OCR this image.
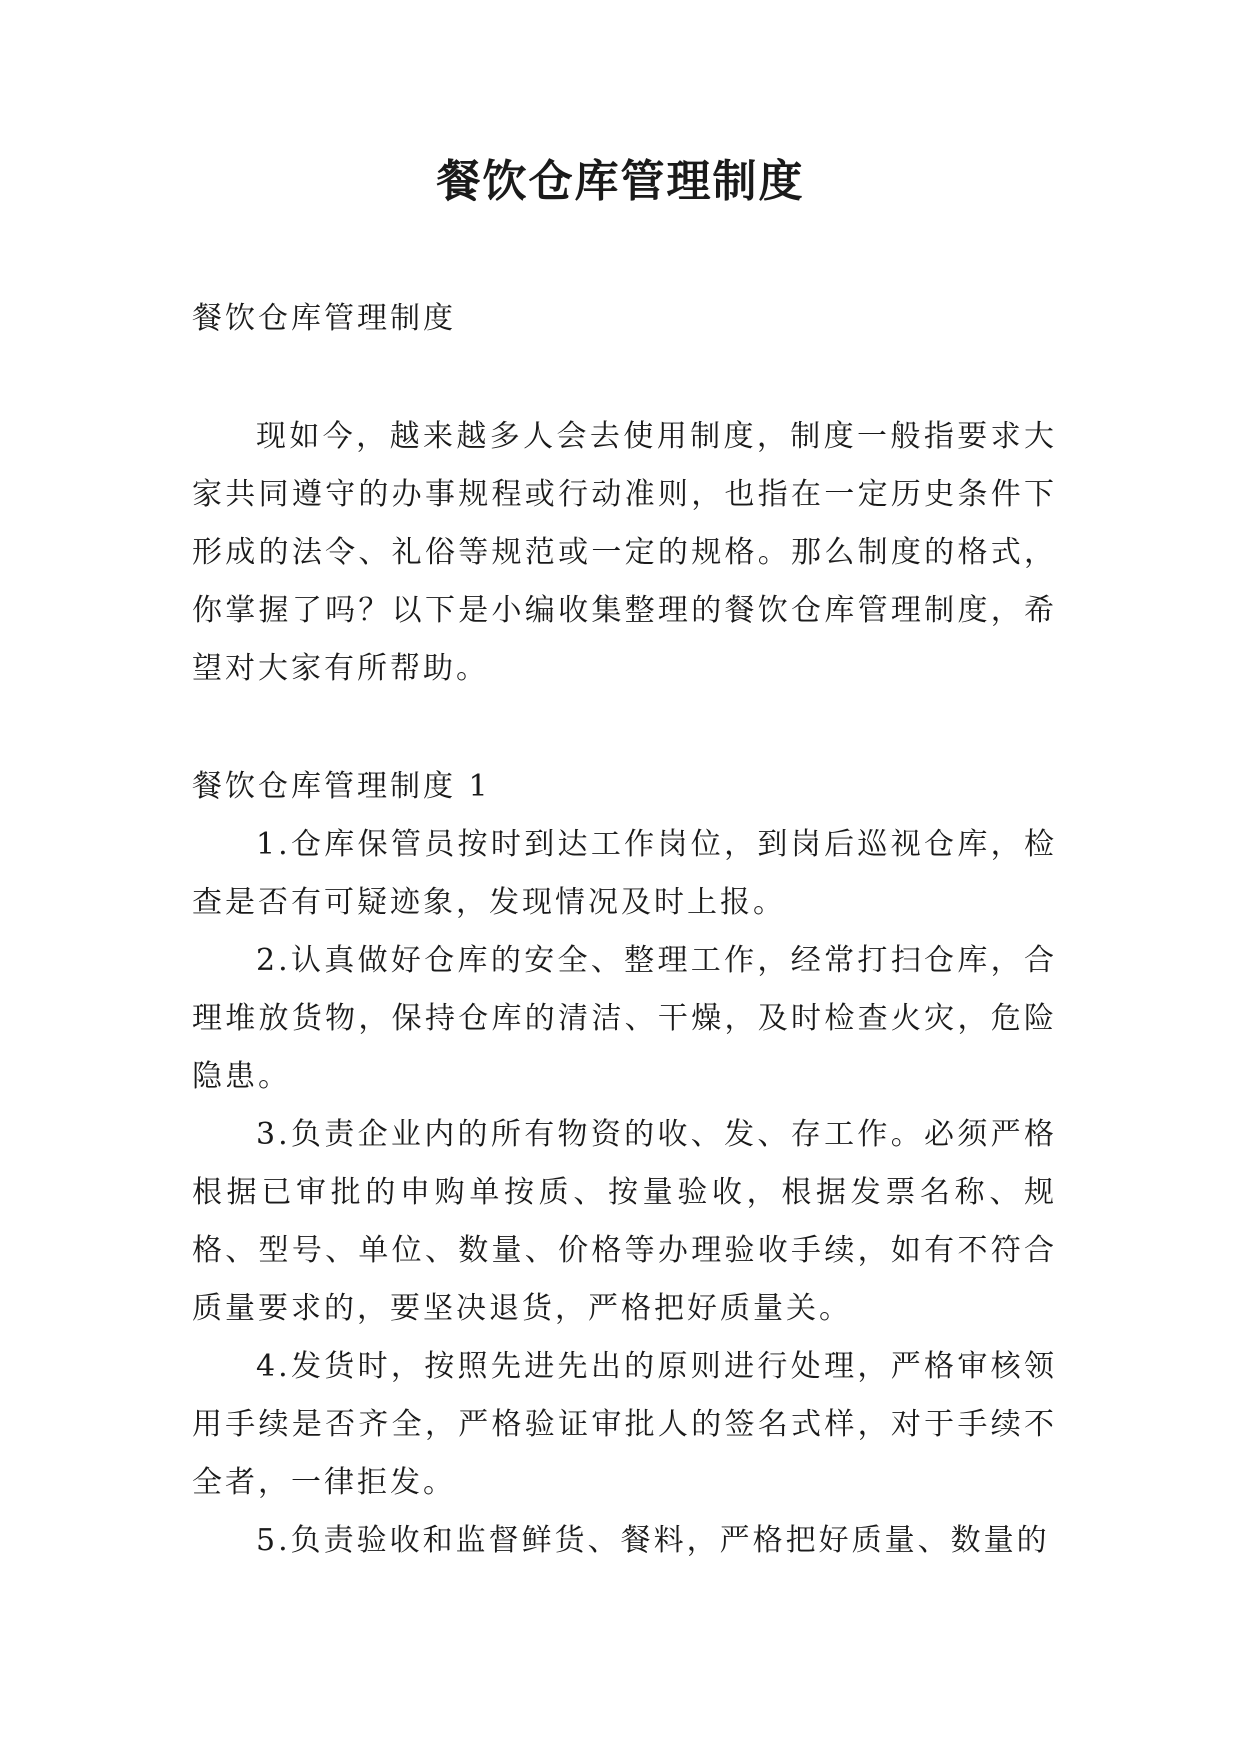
餐饮仓库管理制度

餐饮仓库管理制度

现如今，越来越多人会去使用制度，制度一般指要求大家共同遵守的办事规程或行动准则，也指在一定历史条件下形成的法令、礼俗等规范或一定的规格。那么制度的格式，你掌握了吗？以下是小编收集整理的餐饮仓库管理制度，希望对大家有所帮助。

餐饮仓库管理制度 1

1.仓库保管员按时到达工作岗位，到岗后巡视仓库，检查是否有可疑迹象，发现情况及时上报。

2.认真做好仓库的安全、整理工作，经常打扫仓库，合理堆放货物，保持仓库的清洁、干燥，及时检查火灾，危险隐患。

3.负责企业内的所有物资的收、发、存工作。必须严格根据已审批的申购单按质、按量验收，根据发票名称、规格、型号、单位、数量、价格等办理验收手续，如有不符合质量要求的，要坚决退货，严格把好质量关。

4.发货时，按照先进先出的原则进行处理，严格审核领用手续是否齐全，严格验证审批人的签名式样，对于手续不全者，一律拒发。

5.负责验收和监督鲜货、餐料，严格把好质量、数量的
